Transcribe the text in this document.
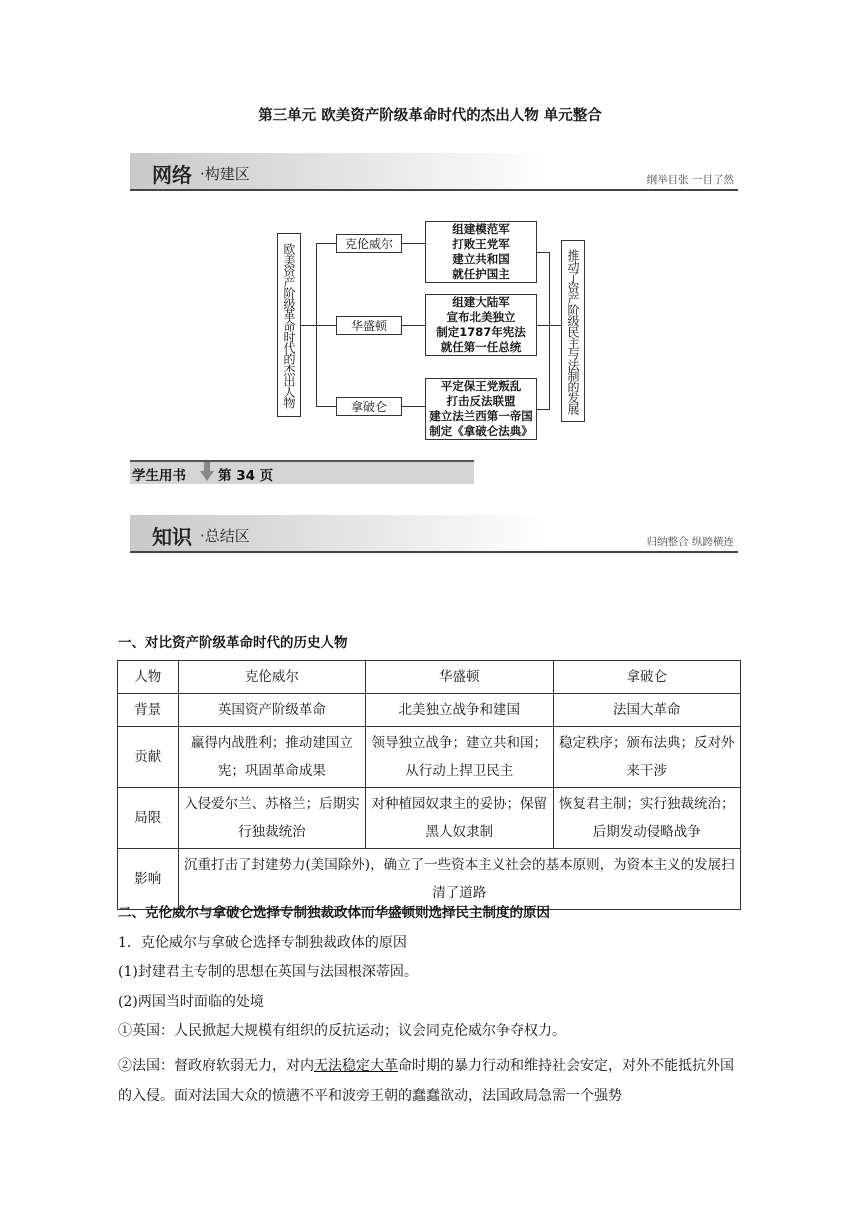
第三单元 欧美资产阶级革命时代的杰出人物 单元整合
网络 ·构建区	纲举目张 一目了然
欧美资产阶级革命时代的杰出人物	克伦威尔
华盛顿
拿破仑
组建模范军
打败王党军
建立共和国
就任护国主
组建大陆军
宣布北美独立
制定1787年宪法
就任第一任总统
平定保王党叛乱
打击反法联盟
建立法兰西第一帝国
制定《拿破仑法典》
推动了资产阶级民主与法制的发展
学生用书 第 34 页
知识 ·总结区	归纳整合 纵跨横连
一、对比资产阶级革命时代的历史人物
人物	克伦威尔	华盛顿	拿破仑
背景	英国资产阶级革命	北美独立战争和建国	法国大革命
贡献	赢得内战胜利；推动建国立宪；巩固革命成果	领导独立战争；建立共和国；从行动上捍卫民主	稳定秩序；颁布法典；反对外来干涉
局限	入侵爱尔兰、苏格兰；后期实行独裁统治	对种植园奴隶主的妥协；保留黑人奴隶制	恢复君主制；实行独裁统治；后期发动侵略战争
影响	沉重打击了封建势力(美国除外)，确立了一些资本主义社会的基本原则，为资本主义的发展扫清了道路		
二、克伦威尔与拿破仑选择专制独裁政体而华盛顿则选择民主制度的原因
1．克伦威尔与拿破仑选择专制独裁政体的原因
(1)封建君主专制的思想在英国与法国根深蒂固。
(2)两国当时面临的处境
①英国：人民掀起大规模有组织的反抗运动；议会同克伦威尔争夺权力。
②法国：督政府软弱无力，对内无法稳定大革命时期的暴力行动和维持社会安定，对外不能抵抗外国的入侵。面对法国大众的愤懑不平和波旁王朝的蠢蠢欲动，法国政局急需一个强势
